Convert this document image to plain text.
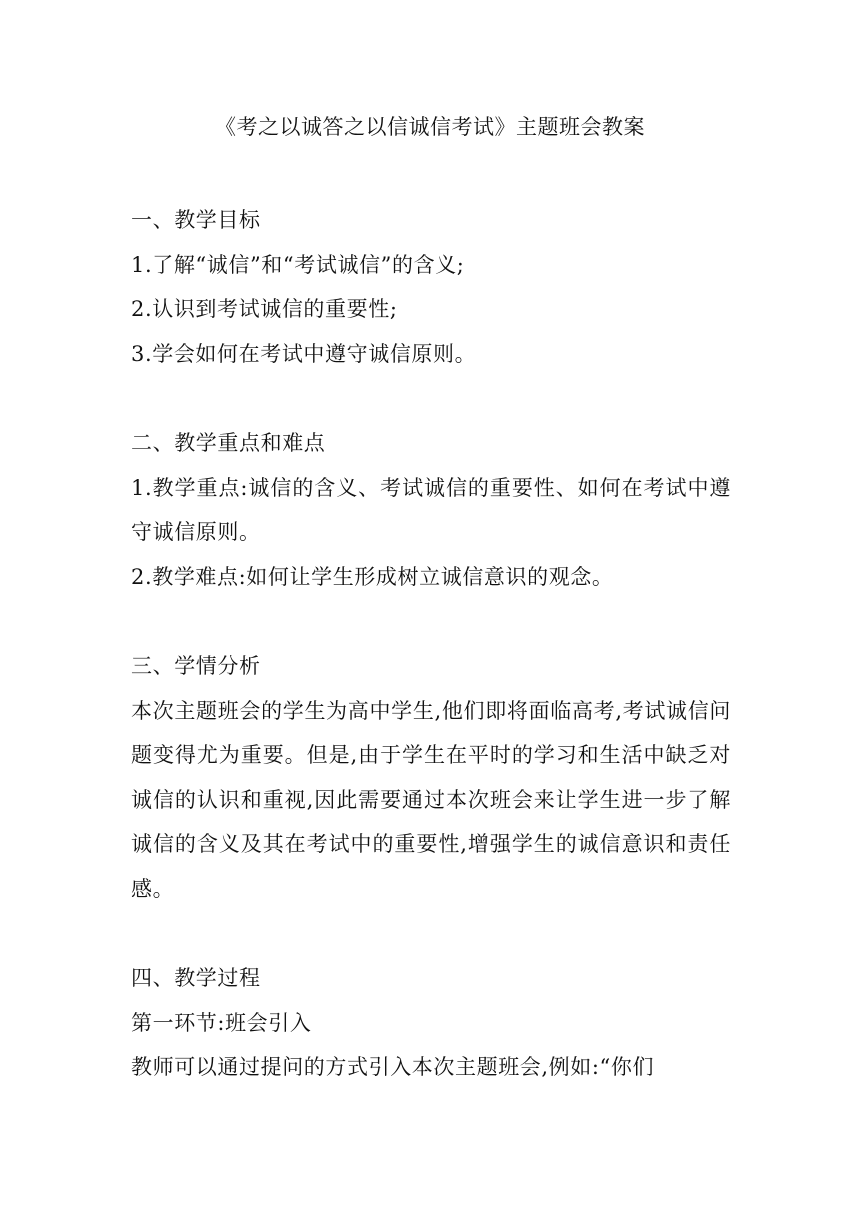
《考之以诚答之以信诚信考试》主题班会教案

一、教学目标

1.了解“诚信”和“考试诚信”的含义;

2.认识到考试诚信的重要性;

3.学会如何在考试中遵守诚信原则。

二、教学重点和难点

1.教学重点:诚信的含义、考试诚信的重要性、如何在考试中遵守诚信原则。

2.教学难点:如何让学生形成树立诚信意识的观念。

三、学情分析

本次主题班会的学生为高中学生,他们即将面临高考,考试诚信问题变得尤为重要。但是,由于学生在平时的学习和生活中缺乏对诚信的认识和重视,因此需要通过本次班会来让学生进一步了解诚信的含义及其在考试中的重要性,增强学生的诚信意识和责任感。

四、教学过程

第一环节:班会引入

教师可以通过提问的方式引入本次主题班会,例如:“你们
